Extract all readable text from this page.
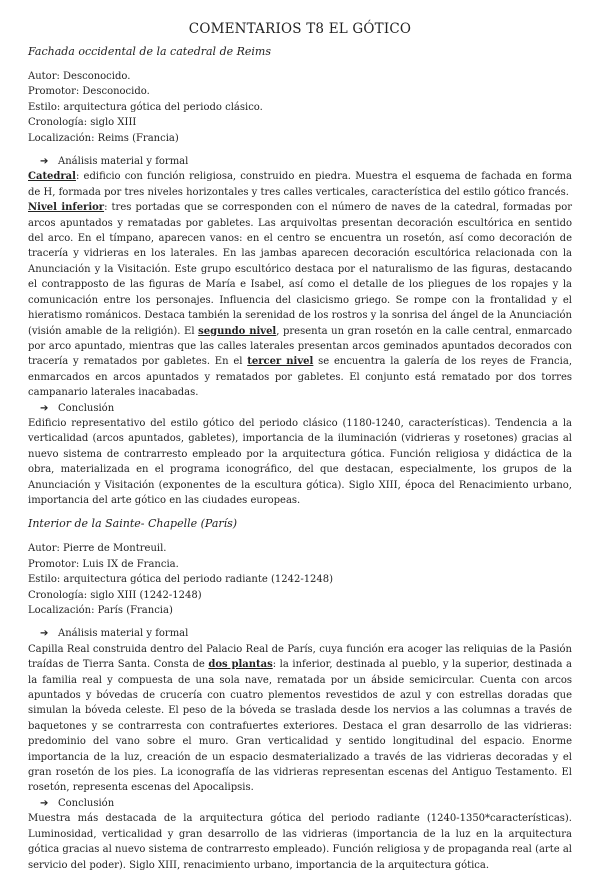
COMENTARIOS T8 EL GÓTICO
Fachada occidental de la catedral de Reims
Autor: Desconocido.
Promotor: Desconocido.
Estilo: arquitectura gótica del periodo clásico.
Cronología: siglo XIII
Localización: Reims (Francia)
➔ Análisis material y formal

Catedral: edificio con función religiosa, construido en piedra. Muestra el esquema de fachada en forma de H, formada por tres niveles horizontales y tres calles verticales, característica del estilo gótico francés.

Nivel inferior: tres portadas que se corresponden con el número de naves de la catedral, formadas por arcos apuntados y rematadas por gabletes. Las arquivoltas presentan decoración escultórica en sentido del arco. En el tímpano, aparecen vanos: en el centro se encuentra un rosetón, así como decoración de tracería y vidrieras en los laterales. En las jambas aparecen decoración escultórica relacionada con la Anunciación y la Visitación. Este grupo escultórico destaca por el naturalismo de las figuras, destacando el contrapposto de las figuras de María e Isabel, así como el detalle de los pliegues de los ropajes y la comunicación entre los personajes. Influencia del clasicismo griego. Se rompe con la frontalidad y el hieratismo románicos. Destaca también la serenidad de los rostros y la sonrisa del ángel de la Anunciación (visión amable de la religión). El segundo nivel, presenta un gran rosetón en la calle central, enmarcado por arco apuntado, mientras que las calles laterales presentan arcos geminados apuntados decorados con tracería y rematados por gabletes. En el tercer nivel se encuentra la galería de los reyes de Francia, enmarcados en arcos apuntados y rematados por gabletes. El conjunto está rematado por dos torres campanario laterales inacabadas.

➔ Conclusión

Edificio representativo del estilo gótico del periodo clásico (1180-1240, características). Tendencia a la verticalidad (arcos apuntados, gabletes), importancia de la iluminación (vidrieras y rosetones) gracias al nuevo sistema de contrarresto empleado por la arquitectura gótica. Función religiosa y didáctica de la obra, materializada en el programa iconográfico, del que destacan, especialmente, los grupos de la Anunciación y Visitación (exponentes de la escultura gótica). Siglo XIII, época del Renacimiento urbano, importancia del arte gótico en las ciudades europeas.

Interior de la Sainte- Chapelle (París)
Autor: Pierre de Montreuil.
Promotor: Luis IX de Francia.
Estilo: arquitectura gótica del periodo radiante (1242-1248)
Cronología: siglo XIII (1242-1248)
Localización: París (Francia)
➔ Análisis material y formal

Capilla Real construida dentro del Palacio Real de París, cuya función era acoger las reliquias de la Pasión traídas de Tierra Santa. Consta de dos plantas: la inferior, destinada al pueblo, y la superior, destinada a la familia real y compuesta de una sola nave, rematada por un ábside semicircular. Cuenta con arcos apuntados y bóvedas de crucería con cuatro plementos revestidos de azul y con estrellas doradas que simulan la bóveda celeste. El peso de la bóveda se traslada desde los nervios a las columnas a través de baquetones y se contrarresta con contrafuertes exteriores. Destaca el gran desarrollo de las vidrieras: predominio del vano sobre el muro. Gran verticalidad y sentido longitudinal del espacio. Enorme importancia de la luz, creación de un espacio desmaterializado a través de las vidrieras decoradas y el gran rosetón de los pies. La iconografía de las vidrieras representan escenas del Antiguo Testamento. El rosetón, representa escenas del Apocalipsis.

➔ Conclusión

Muestra más destacada de la arquitectura gótica del periodo radiante (1240-1350*características). Luminosidad, verticalidad y gran desarrollo de las vidrieras (importancia de la luz en la arquitectura gótica gracias al nuevo sistema de contrarresto empleado). Función religiosa y de propaganda real (arte al servicio del poder). Siglo XIII, renacimiento urbano, importancia de la arquitectura gótica.
